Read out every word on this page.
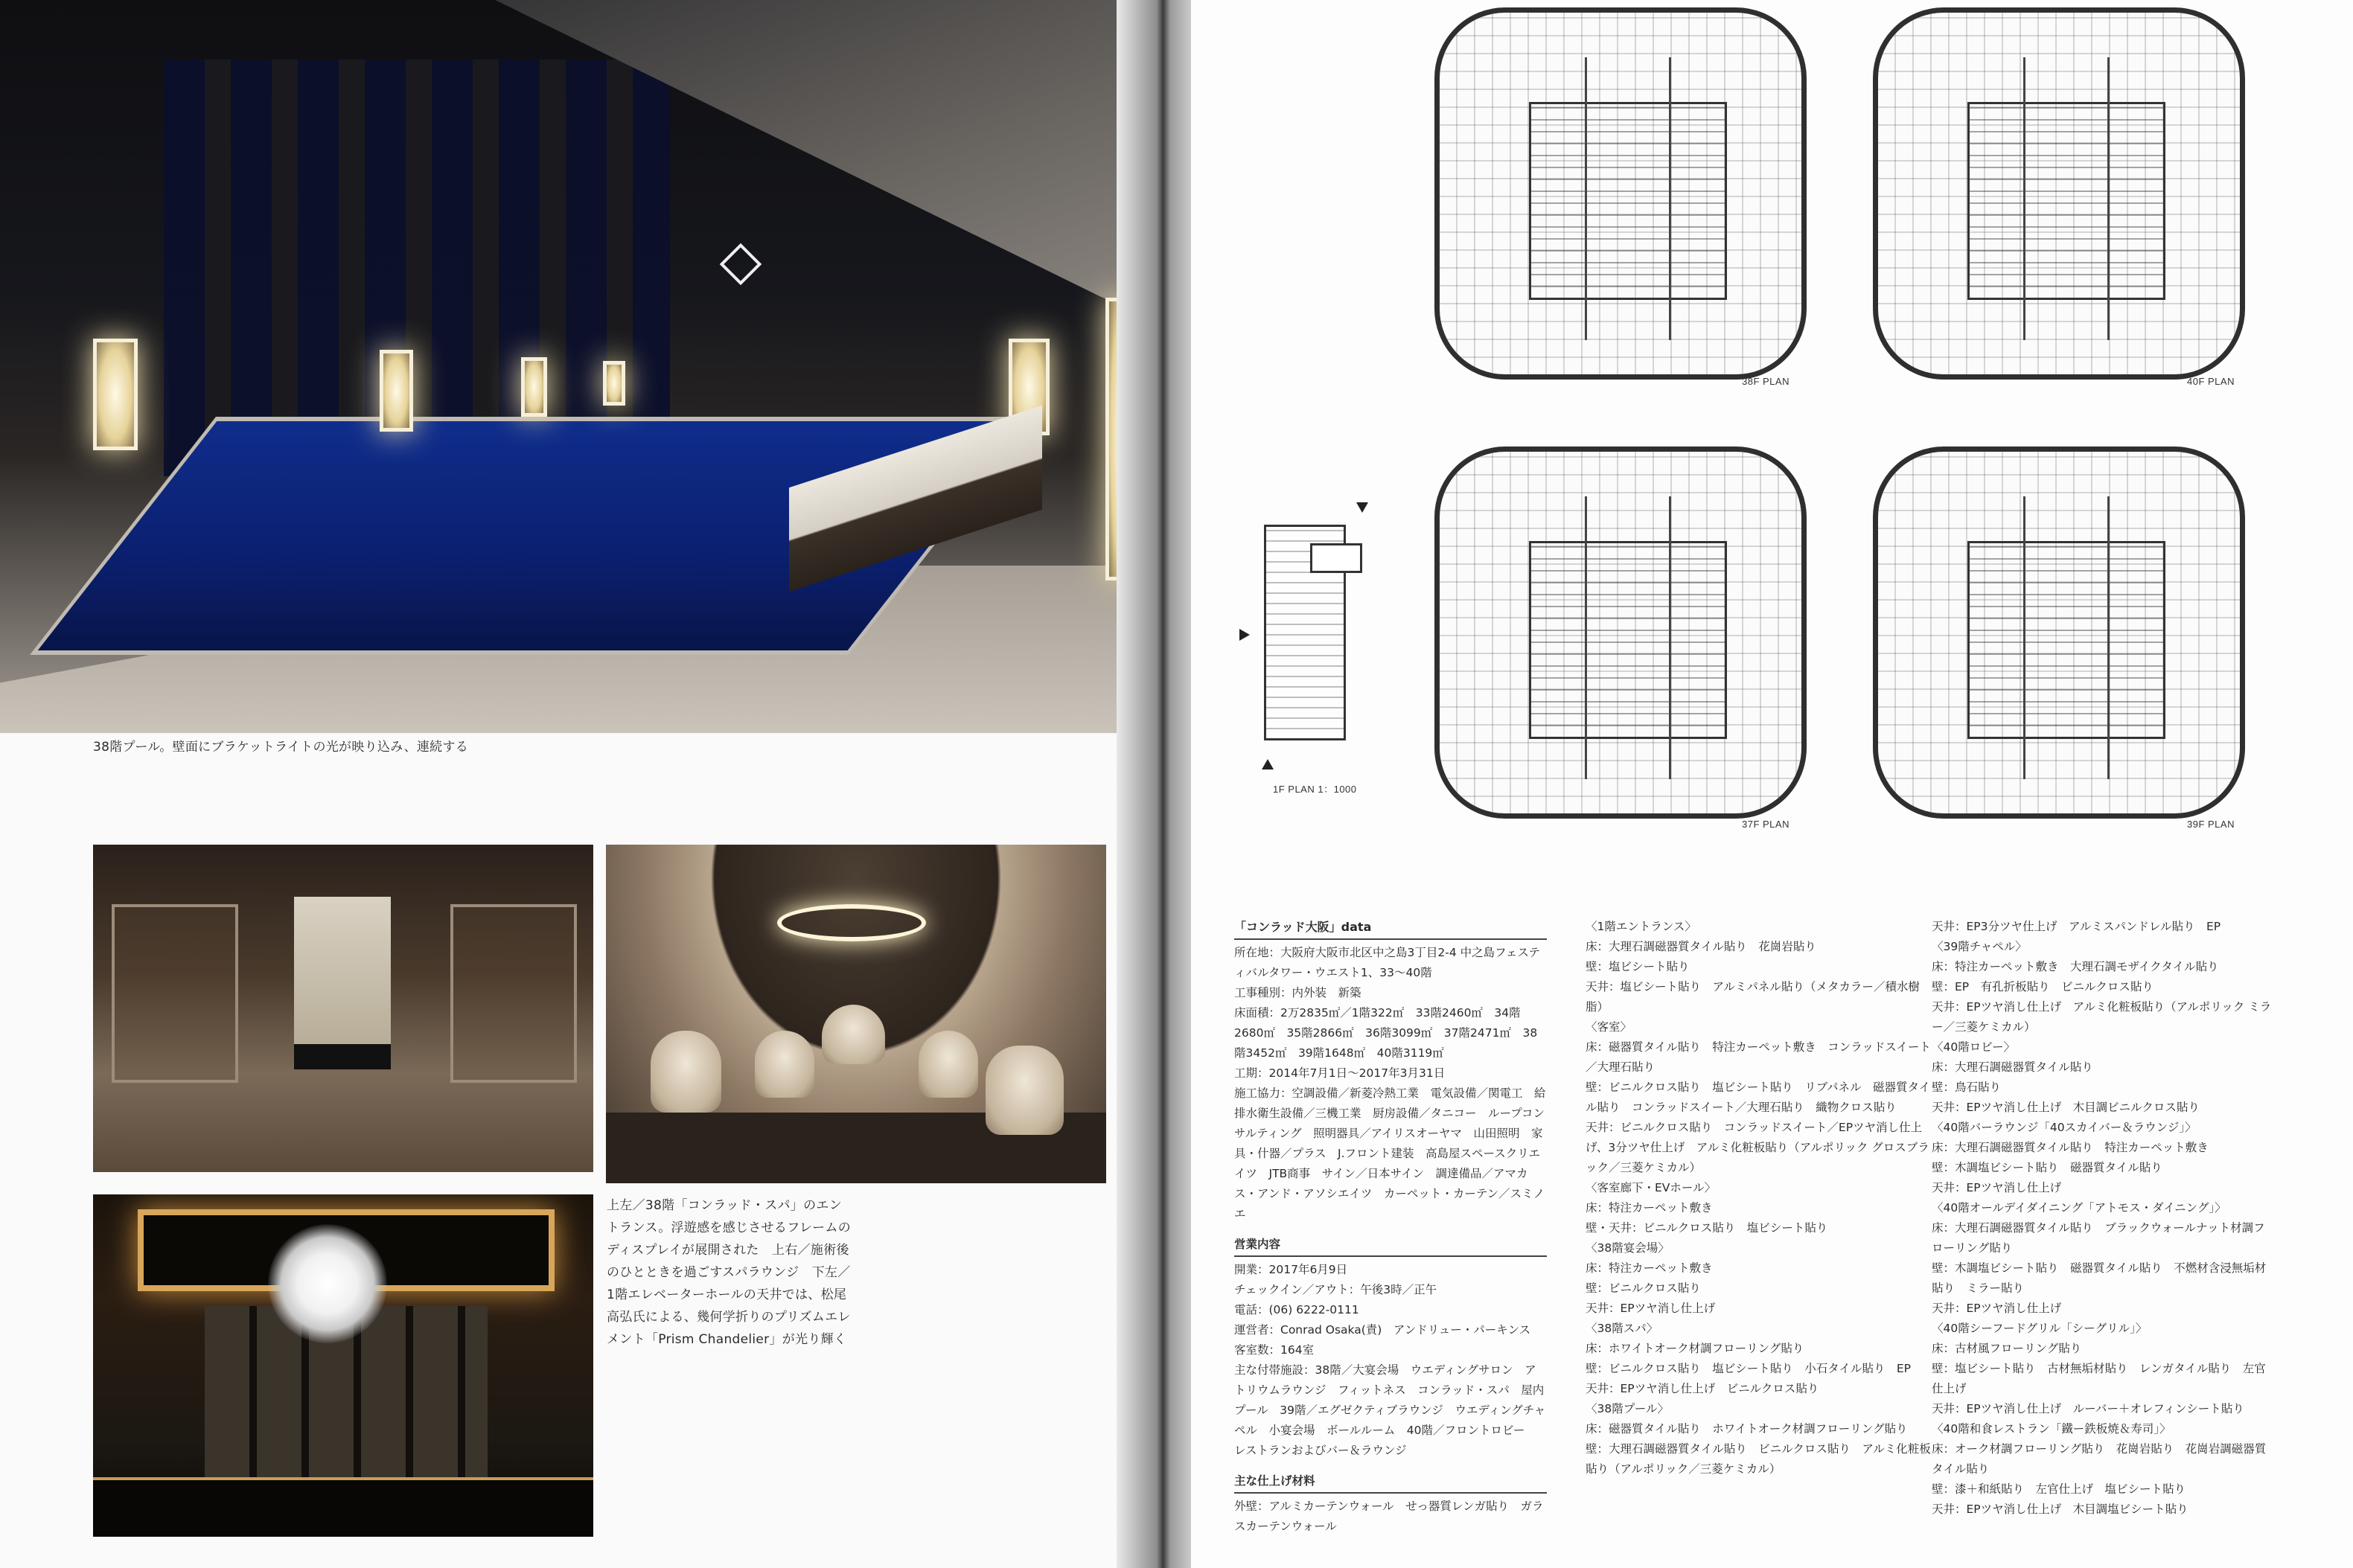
38階プール。壁面にブラケットライトの光が映り込み、連続する

上左／38階「コンラッド・スパ」のエントランス。浮遊感を感じさせるフレームのディスプレイが展開された　上右／施術後のひとときを過ごすスパラウンジ　下左／1階エレベーターホールの天井では、松尾高弘氏による、幾何学折りのプリズムエレメント「Prism Chandelier」が光り輝く

38F PLAN	40F PLAN
37F PLAN	39F PLAN
1F PLAN 1：1000
「コンラッド大阪」data
所在地：大阪府大阪市北区中之島3丁目2-4 中之島フェスティバルタワー・ウエスト1、33～40階
工事種別：内外装　新築
床面積：2万2835㎡／1階322㎡　33階2460㎡　34階2680㎡　35階2866㎡　36階3099㎡　37階2471㎡　38階3452㎡　39階1648㎡　40階3119㎡
工期：2014年7月1日～2017年3月31日
施工協力：空調設備／新菱冷熱工業　電気設備／関電工　給排水衛生設備／三機工業　厨房設備／タニコー　ループコンサルティング　照明器具／アイリスオーヤマ　山田照明　家具・什器／プラス　J.フロント建装　高島屋スペースクリエイツ　JTB商事　サイン／日本サイン　調達備品／アマカス・アンド・アソシエイツ　カーペット・カーテン／スミノエ
営業内容
開業：2017年6月9日
チェックイン／アウト：午後3時／正午
電話：(06) 6222-0111
運営者：Conrad Osaka(責)　アンドリュー・パーキンス
客室数：164室
主な付帯施設：38階／大宴会場　ウエディングサロン　アトリウムラウンジ　フィットネス　コンラッド・スパ　屋内プール　39階／エグゼクティブラウンジ　ウエディングチャペル　小宴会場　ボールルーム　40階／フロントロビー　レストランおよびバー＆ラウンジ
主な仕上げ材料
外壁：アルミカーテンウォール　せっ器質レンガ貼り　ガラスカーテンウォール
〈1階エントランス〉
床：大理石調磁器質タイル貼り　花崗岩貼り
壁：塩ビシート貼り
天井：塩ビシート貼り　アルミパネル貼り（メタカラー／積水樹脂）
〈客室〉
床：磁器質タイル貼り　特注カーペット敷き　コンラッドスイート／大理石貼り
壁：ビニルクロス貼り　塩ビシート貼り　リブパネル　磁器質タイル貼り　コンラッドスイート／大理石貼り　織物クロス貼り
天井：ビニルクロス貼り　コンラッドスイート／EPツヤ消し仕上げ、3分ツヤ仕上げ　アルミ化粧板貼り（アルポリック グロスブラック／三菱ケミカル）
〈客室廊下・EVホール〉
床：特注カーペット敷き
壁・天井：ビニルクロス貼り　塩ビシート貼り
〈38階宴会場〉
床：特注カーペット敷き
壁：ビニルクロス貼り
天井：EPツヤ消し仕上げ
〈38階スパ〉
床：ホワイトオーク材調フローリング貼り
壁：ビニルクロス貼り　塩ビシート貼り　小石タイル貼り　EP
天井：EPツヤ消し仕上げ　ビニルクロス貼り
〈38階プール〉
床：磁器質タイル貼り　ホワイトオーク材調フローリング貼り
壁：大理石調磁器質タイル貼り　ビニルクロス貼り　アルミ化粧板貼り（アルポリック／三菱ケミカル）
天井：EP3分ツヤ仕上げ　アルミスパンドレル貼り　EP
〈39階チャペル〉
床：特注カーペット敷き　大理石調モザイクタイル貼り
壁：EP　有孔折板貼り　ビニルクロス貼り
天井：EPツヤ消し仕上げ　アルミ化粧板貼り（アルポリック ミラー／三菱ケミカル）
〈40階ロビー〉
床：大理石調磁器質タイル貼り
壁：鳥石貼り
天井：EPツヤ消し仕上げ　木目調ビニルクロス貼り
〈40階バーラウンジ「40スカイバー＆ラウンジ」〉
床：大理石調磁器質タイル貼り　特注カーペット敷き
壁：木調塩ビシート貼り　磁器質タイル貼り
天井：EPツヤ消し仕上げ
〈40階オールデイダイニング「アトモス・ダイニング」〉
床：大理石調磁器質タイル貼り　ブラックウォールナット材調フローリング貼り
壁：木調塩ビシート貼り　磁器質タイル貼り　不燃材含浸無垢材貼り　ミラー貼り
天井：EPツヤ消し仕上げ
〈40階シーフードグリル「シーグリル」〉
床：古材風フローリング貼り
壁：塩ビシート貼り　古材無垢材貼り　レンガタイル貼り　左官仕上げ
天井：EPツヤ消し仕上げ　ルーバー＋オレフィンシート貼り
〈40階和食レストラン「鐵ー鉄板焼＆寿司」〉
床：オーク材調フローリング貼り　花崗岩貼り　花崗岩調磁器質タイル貼り
壁：漆＋和紙貼り　左官仕上げ　塩ビシート貼り
天井：EPツヤ消し仕上げ　木目調塩ビシート貼り
